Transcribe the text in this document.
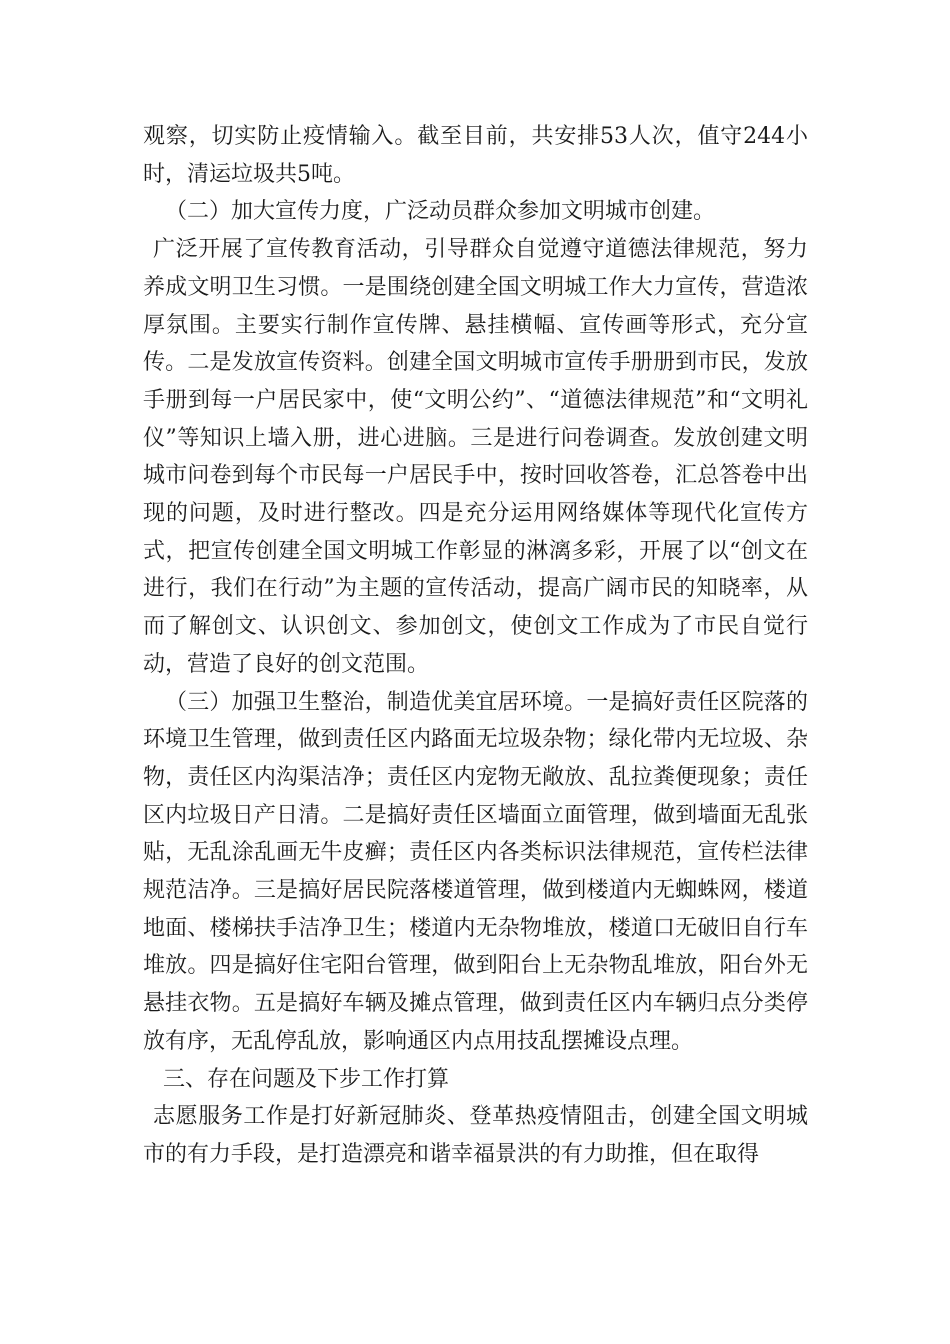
观察，切实防止疫情输入。截至目前，共安排53人次，值守244小时，清运垃圾共5吨。

（二）加大宣传力度，广泛动员群众参加文明城市创建。

广泛开展了宣传教育活动，引导群众自觉遵守道德法律规范，努力养成文明卫生习惯。一是围绕创建全国文明城工作大力宣传，营造浓厚氛围。主要实行制作宣传牌、悬挂横幅、宣传画等形式，充分宣传。二是发放宣传资料。创建全国文明城市宣传手册册到市民，发放手册到每一户居民家中，使“文明公约”、“道德法律规范”和“文明礼仪”等知识上墙入册，进心进脑。三是进行问卷调查。发放创建文明城市问卷到每个市民每一户居民手中，按时回收答卷，汇总答卷中出现的问题，及时进行整改。四是充分运用网络媒体等现代化宣传方式，把宣传创建全国文明城工作彰显的淋漓多彩，开展了以“创文在进行，我们在行动”为主题的宣传活动，提高广阔市民的知晓率，从而了解创文、认识创文、参加创文，使创文工作成为了市民自觉行动，营造了良好的创文范围。

（三）加强卫生整治，制造优美宜居环境。一是搞好责任区院落的环境卫生管理，做到责任区内路面无垃圾杂物；绿化带内无垃圾、杂物，责任区内沟渠洁净；责任区内宠物无敞放、乱拉粪便现象；责任区内垃圾日产日清。二是搞好责任区墙面立面管理，做到墙面无乱张贴，无乱涂乱画无牛皮癣；责任区内各类标识法律规范，宣传栏法律规范洁净。三是搞好居民院落楼道管理，做到楼道内无蜘蛛网，楼道地面、楼梯扶手洁净卫生；楼道内无杂物堆放，楼道口无破旧自行车堆放。四是搞好住宅阳台管理，做到阳台上无杂物乱堆放，阳台外无悬挂衣物。五是搞好车辆及摊点管理，做到责任区内车辆归点分类停放有序，无乱停乱放，影响通区内点用技乱摆摊设点理。

三、存在问题及下步工作打算

志愿服务工作是打好新冠肺炎、登革热疫情阻击，创建全国文明城市的有力手段，是打造漂亮和谐幸福景洪的有力助推，但在取得
